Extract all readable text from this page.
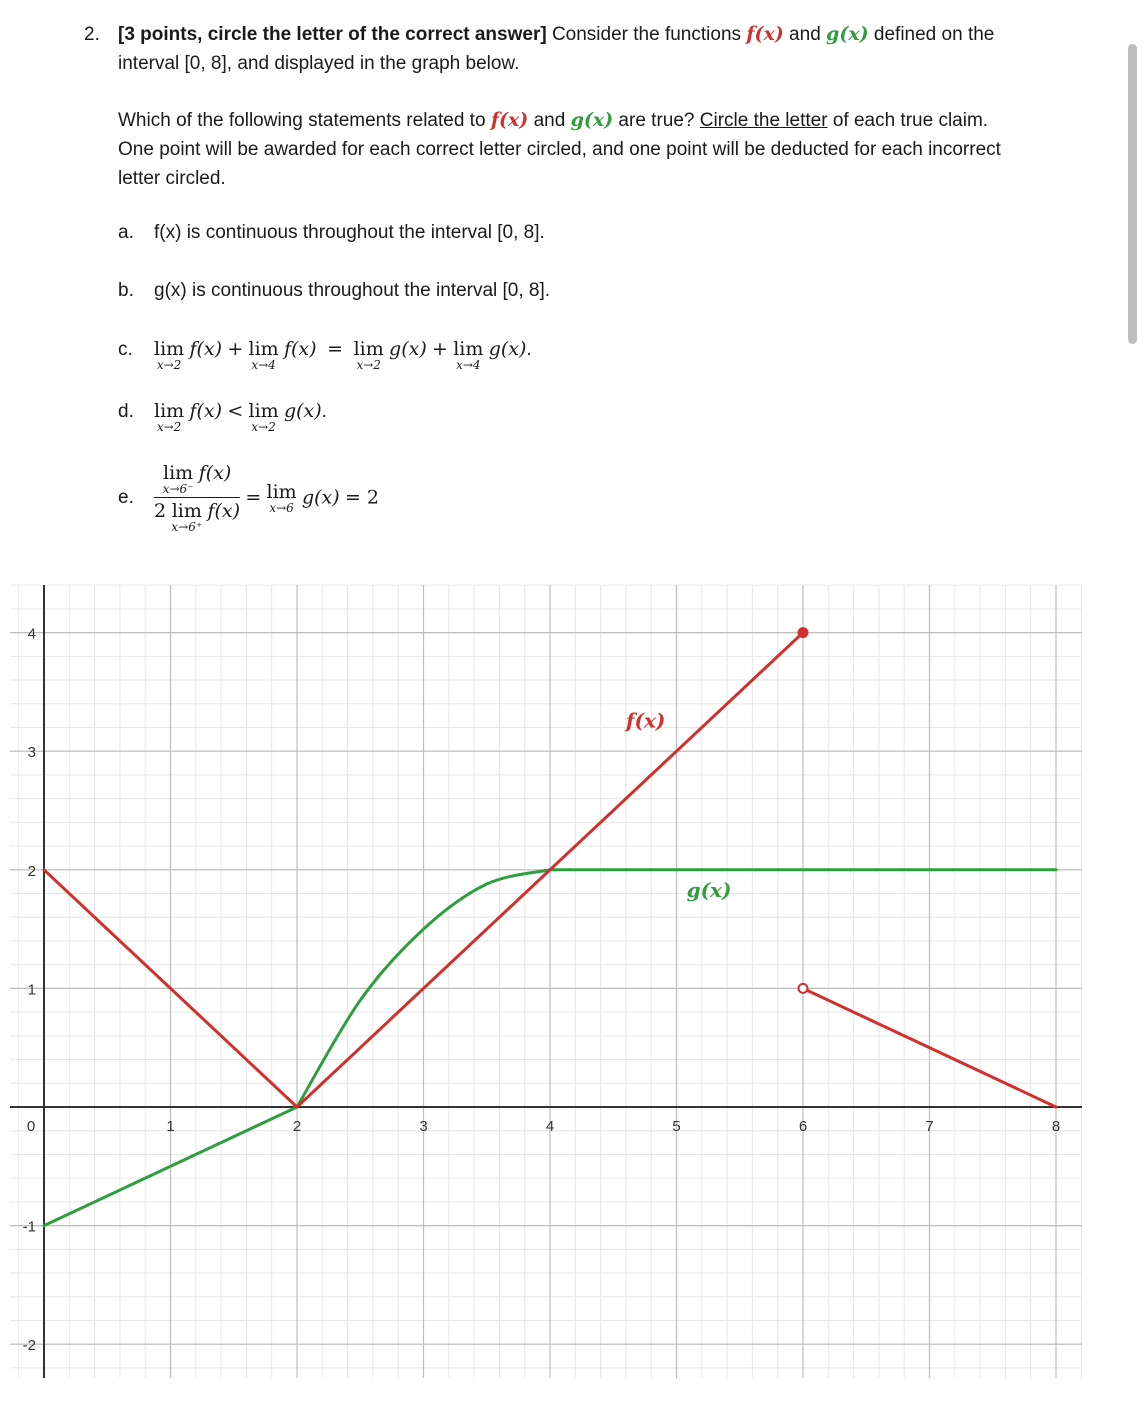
2. [3 points, circle the letter of the correct answer] Consider the functions f(x) and g(x) defined on the interval [0, 8], and displayed in the graph below.
Which of the following statements related to f(x) and g(x) are true? Circle the letter of each true claim. One point will be awarded for each correct letter circled, and one point will be deducted for each incorrect letter circled.
a. f(x) is continuous throughout the interval [0, 8].
b. g(x) is continuous throughout the interval [0, 8].
c. lim
x→2
f(x) + lim
x→4
f(x) = lim
x→2
g(x) + lim
x→4
g(x).
d. lim
x→2
f(x) < lim
x→2
g(x).
e. lim
x→6⁻
f(x)
2 lim
x→6⁺
f(x) = lim
x→6 g(x) = 2
0	1	2	3	4	5	6	7	8
4
3
2
1
-1
-2
f(x)
g(x)
